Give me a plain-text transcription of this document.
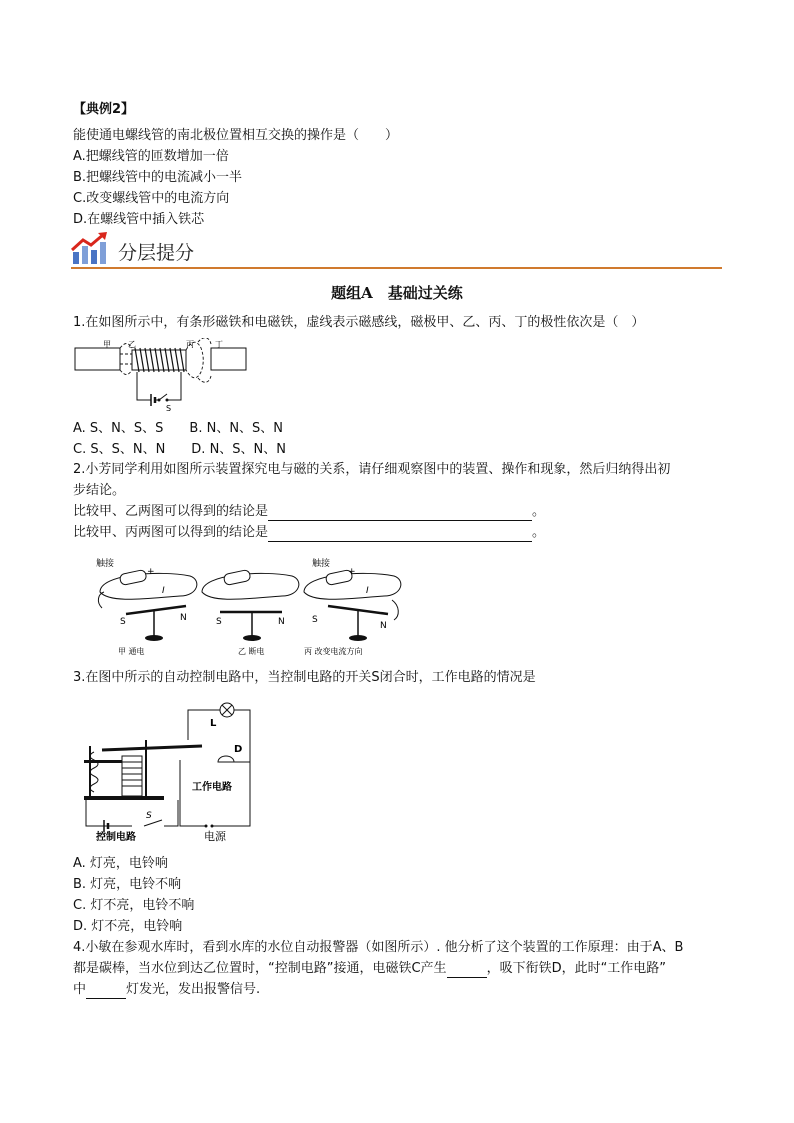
【典例2】
能使通电螺线管的南北极位置相互交换的操作是（　　）
A.把螺线管的匝数增加一倍
B.把螺线管中的电流减小一半
C.改变螺线管中的电流方向
D.在螺线管中插入铁芯
分层提分
题组A　基础过关练
1.在如图所示中，有条形磁铁和电磁铁，虚线表示磁感线，磁极甲、乙、丙、丁的极性依次是（　）
甲 乙	丙	丁
S
A. S、N、S、S　　B. N、N、S、N
C. S、S、N、N　　D. N、S、N、N
2.小芳同学利用如图所示装置探究电与磁的关系，请仔细观察图中的装置、操作和现象，然后归纳得出初
步结论。
比较甲、乙两图可以得到的结论是	。
比较甲、丙两图可以得到的结论是	。
+
触接
I
S	N
甲 通电
S	N
乙 断电
+
触接
I
S
N
丙 改变电流方向
3.在图中所示的自动控制电路中，当控制电路的开关S闭合时，工作电路的情况是
L
D
工作电路
电源
S
控制电路
A. 灯亮，电铃响
B. 灯亮，电铃不响
C. 灯不亮，电铃不响
D. 灯不亮，电铃响
4.小敏在参观水库时，看到水库的水位自动报警器（如图所示）. 他分析了这个装置的工作原理：由于A、B
都是碳棒，当水位到达乙位置时，“控制电路”接通，电磁铁C产生	，吸下衔铁D，此时“工作电路”
中	灯发光，发出报警信号.
